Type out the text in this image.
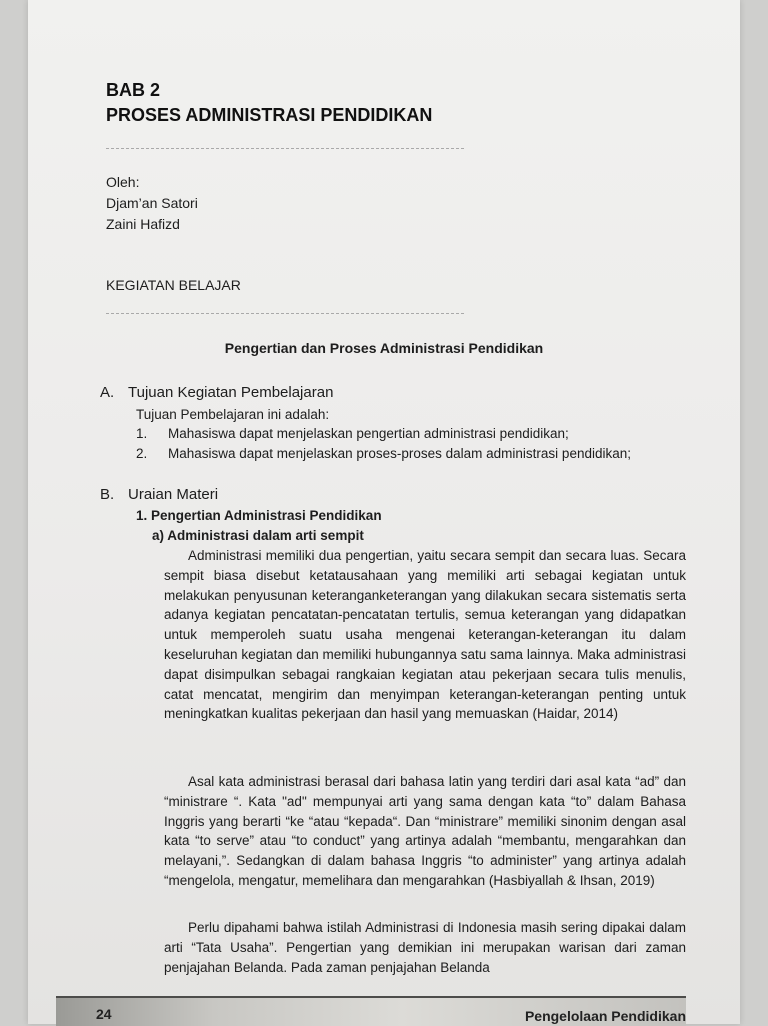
BAB 2
PROSES ADMINISTRASI PENDIDIKAN
Oleh:
Djam’an Satori
Zaini Hafizd
KEGIATAN BELAJAR
Pengertian dan Proses Administrasi Pendidikan
A. Tujuan Kegiatan Pembelajaran
Tujuan Pembelajaran ini adalah:
1. Mahasiswa dapat menjelaskan pengertian administrasi pendidikan;
2. Mahasiswa dapat menjelaskan proses-proses dalam administrasi pendidikan;
B. Uraian Materi
1. Pengertian Administrasi Pendidikan
a) Administrasi dalam arti sempit

Administrasi memiliki dua pengertian, yaitu secara sempit dan secara luas. Secara sempit biasa disebut ketatausahaan yang memiliki arti sebagai kegiatan untuk melakukan penyusunan keteranganketerangan yang dilakukan secara sistematis serta adanya kegiatan pencatatan-pencatatan tertulis, semua keterangan yang didapatkan untuk memperoleh suatu usaha mengenai keterangan-keterangan itu dalam keseluruhan kegiatan dan memiliki hubungannya satu sama lainnya. Maka administrasi dapat disimpulkan sebagai rangkaian kegiatan atau pekerjaan secara tulis menulis, catat mencatat, mengirim dan menyimpan keterangan-keterangan penting untuk meningkatkan kualitas pekerjaan dan hasil yang memuaskan (Haidar, 2014)

Asal kata administrasi berasal dari bahasa latin yang terdiri dari asal kata “ad” dan “ministrare “. Kata "ad" mempunyai arti yang sama dengan kata “to” dalam Bahasa Inggris yang berarti “ke “atau “kepada“. Dan “ministrare” memiliki sinonim dengan asal kata “to serve” atau “to conduct” yang artinya adalah “membantu, mengarahkan dan melayani,”. Sedangkan di dalam bahasa Inggris “to administer” yang artinya adalah “mengelola, mengatur, memelihara dan mengarahkan (Hasbiyallah & Ihsan, 2019)

Perlu dipahami bahwa istilah Administrasi di Indonesia masih sering dipakai dalam arti “Tata Usaha”. Pengertian yang demikian ini merupakan warisan dari zaman penjajahan Belanda. Pada zaman penjajahan Belanda

24	Pengelolaan Pendidikan
